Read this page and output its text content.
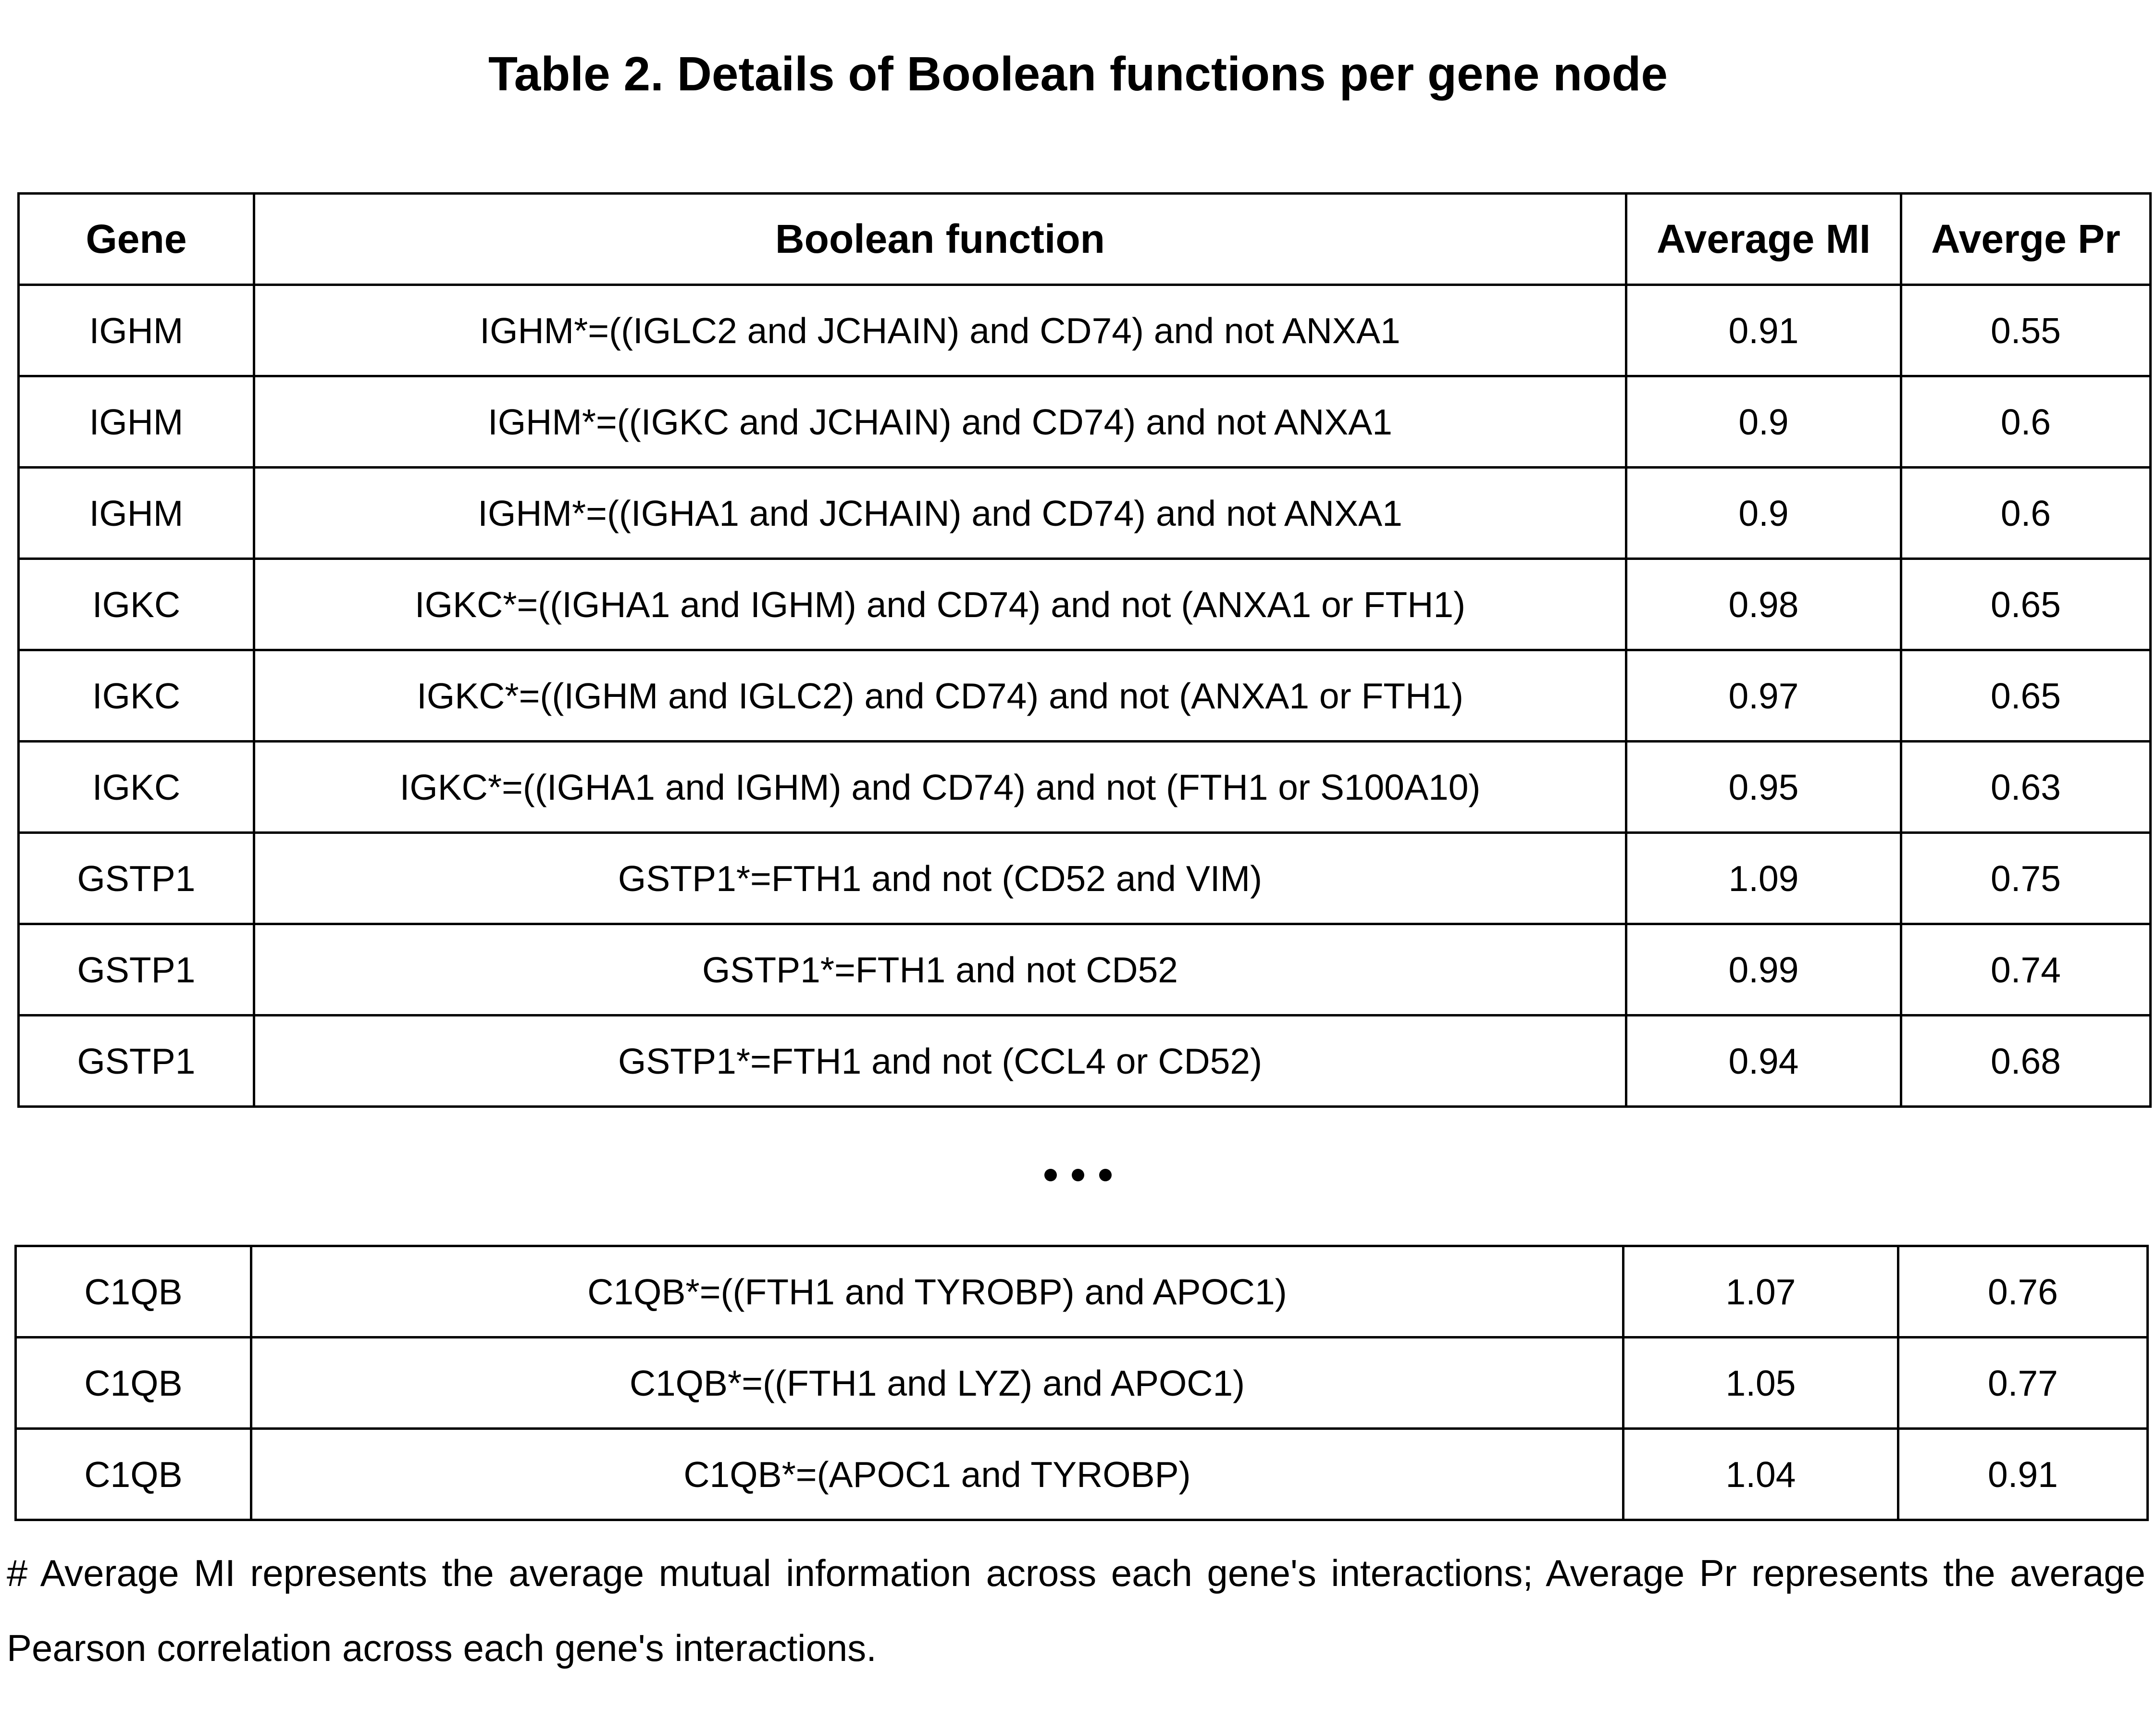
Table 2. Details of Boolean functions per gene node
Gene	Boolean function	Average MI	Averge Pr
IGHM	IGHM*=((IGLC2 and JCHAIN) and CD74) and not ANXA1	0.91	0.55
IGHM	IGHM*=((IGKC and JCHAIN) and CD74) and not ANXA1	0.9	0.6
IGHM	IGHM*=((IGHA1 and JCHAIN) and CD74) and not ANXA1	0.9	0.6
IGKC	IGKC*=((IGHA1 and IGHM) and CD74) and not (ANXA1 or FTH1)	0.98	0.65
IGKC	IGKC*=((IGHM and IGLC2) and CD74) and not (ANXA1 or FTH1)	0.97	0.65
IGKC	IGKC*=((IGHA1 and IGHM) and CD74) and not (FTH1 or S100A10)	0.95	0.63
GSTP1	GSTP1*=FTH1 and not (CD52 and VIM)	1.09	0.75
GSTP1	GSTP1*=FTH1 and not CD52	0.99	0.74
GSTP1	GSTP1*=FTH1 and not (CCL4 or CD52)	0.94	0.68
C1QB	C1QB*=((FTH1 and TYROBP) and APOC1)	1.07	0.76
C1QB	C1QB*=((FTH1 and LYZ) and APOC1)	1.05	0.77
C1QB	C1QB*=(APOC1 and TYROBP)	1.04	0.91

# Average MI represents the average mutual information across each gene's interactions; Average Pr represents the average Pearson correlation across each gene's interactions.
